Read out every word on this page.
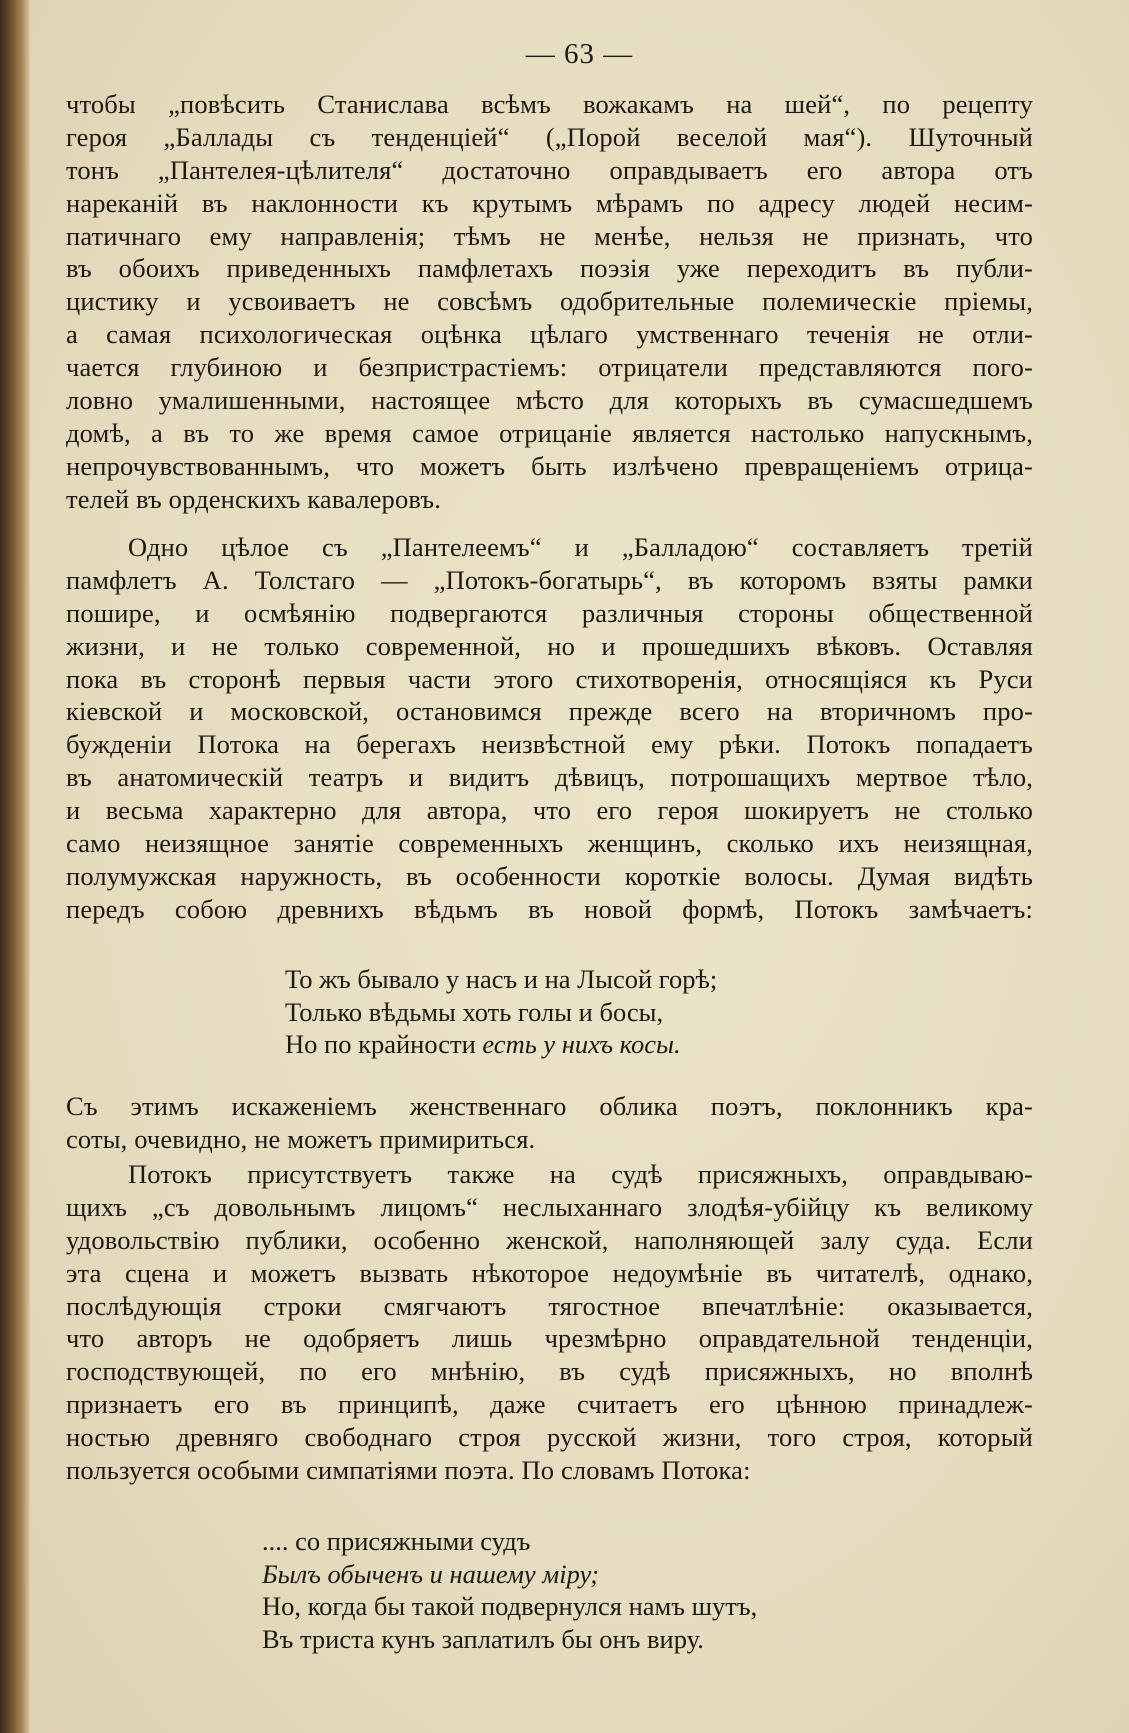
— 63 —
чтобы „повѣсить Станислава всѣмъ вожакамъ на шей“, по рецепту
героя „Баллады съ тенденціей“ („Порой веселой мая“). Шуточный
тонъ „Пантелея-цѣлителя“ достаточно оправдываетъ его автора отъ
нареканій въ наклонности къ крутымъ мѣрамъ по адресу людей несим-
патичнаго ему направленія; тѣмъ не менѣе, нельзя не признать, что
въ обоихъ приведенныхъ памфлетахъ поэзія уже переходитъ въ публи-
цистику и усвоиваетъ не совсѣмъ одобрительные полемическіе пріемы,
а самая психологическая оцѣнка цѣлаго умственнаго теченія не отли-
чается глубиною и безпристрастіемъ: отрицатели представляются пого-
ловно умалишенными, настоящее мѣсто для которыхъ въ сумасшедшемъ
домѣ, а въ то же время самое отрицаніе является настолько напускнымъ,
непрочувствованнымъ, что можетъ быть излѣчено превращеніемъ отрица-
телей въ орденскихъ кавалеровъ.
Одно цѣлое съ „Пантелеемъ“ и „Балладою“ составляетъ третій
памфлетъ А. Толстаго — „Потокъ-богатырь“, въ которомъ взяты рамки
пошире, и осмѣянію подвергаются различныя стороны общественной
жизни, и не только современной, но и прошедшихъ вѣковъ. Оставляя
пока въ сторонѣ первыя части этого стихотворенія, относящіяся къ Руси
кіевской и московской, остановимся прежде всего на вторичномъ про-
бужденіи Потока на берегахъ неизвѣстной ему рѣки. Потокъ попадаетъ
въ анатомическій театръ и видитъ дѣвицъ, потрошащихъ мертвое тѣло,
и весьма характерно для автора, что его героя шокируетъ не столько
само неизящное занятіе современныхъ женщинъ, сколько ихъ неизящная,
полумужская наружность, въ особенности короткіе волосы. Думая видѣть
передъ собою древнихъ вѣдьмъ въ новой формѣ, Потокъ замѣчаетъ:
То жъ бывало у насъ и на Лысой горѣ;
Только вѣдьмы хоть голы и босы,
Но по крайности есть у нихъ косы.
Съ этимъ искаженіемъ женственнаго облика поэтъ, поклонникъ кра-
соты, очевидно, не можетъ примириться.
Потокъ присутствуетъ также на судѣ присяжныхъ, оправдываю-
щихъ „съ довольнымъ лицомъ“ неслыханнаго злодѣя-убійцу къ великому
удовольствію публики, особенно женской, наполняющей залу суда. Если
эта сцена и можетъ вызвать нѣкоторое недоумѣніе въ читателѣ, однако,
послѣдующія строки смягчаютъ тягостное впечатлѣніе: оказывается,
что авторъ не одобряетъ лишь чрезмѣрно оправдательной тенденціи,
господствующей, по его мнѣнію, въ судѣ присяжныхъ, но вполнѣ
признаетъ его въ принципѣ, даже считаетъ его цѣнною принадлеж-
ностью древняго свободнаго строя русской жизни, того строя, который
пользуется особыми симпатіями поэта. По словамъ Потока:
.... со присяжными судъ
Былъ обыченъ и нашему міру;
Но, когда бы такой подвернулся намъ шутъ,
Въ триста кунъ заплатилъ бы онъ виру.
